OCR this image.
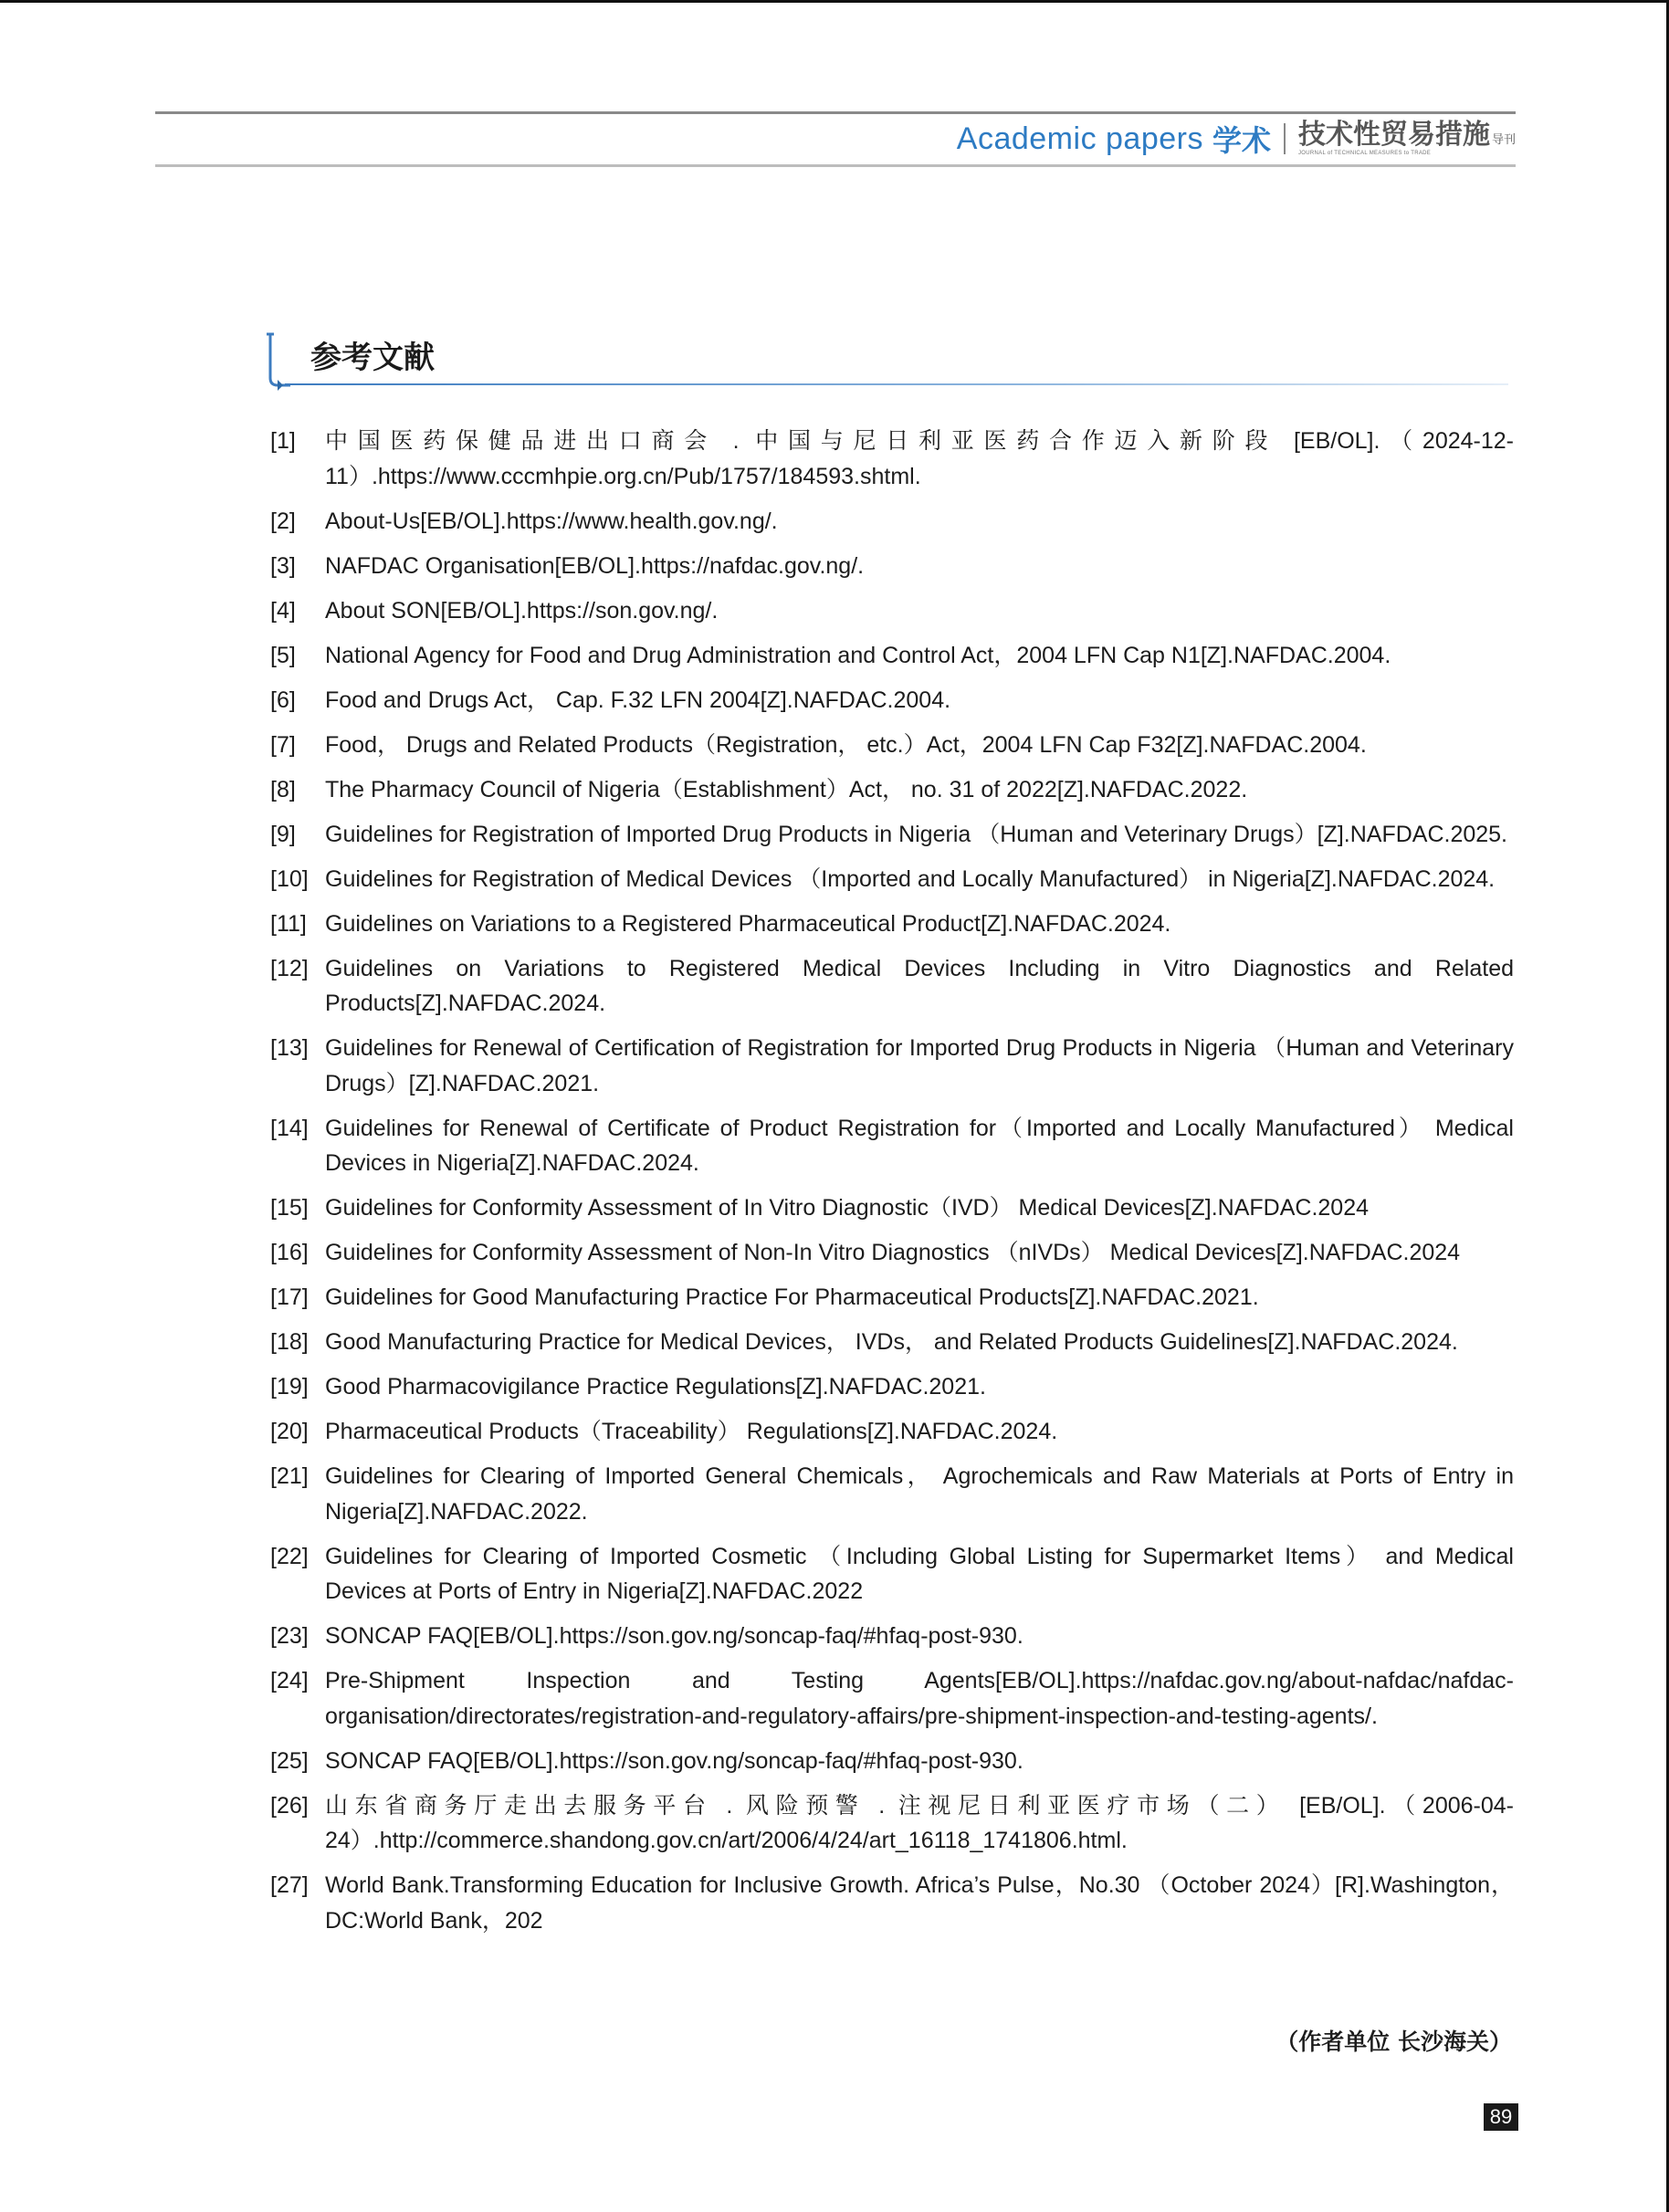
Academic papers 学术 技术性贸易措施 导刊
JOURNAL of TECHNICAL MEASURES to TRADE
参考文献
[1] 中国医药保健品进出口商会 . 中国与尼日利亚医药合作迈入新阶段 [EB/OL].（2024-12-11）.https://www.cccmhpie.org.cn/Pub/1757/184593.shtml.
[2] About-Us[EB/OL].https://www.health.gov.ng/.
[3] NAFDAC Organisation[EB/OL].https://nafdac.gov.ng/.
[4] About SON[EB/OL].https://son.gov.ng/.
[5] National Agency for Food and Drug Administration and Control Act，2004 LFN Cap N1[Z].NAFDAC.2004.
[6] Food and Drugs Act， Cap. F.32 LFN 2004[Z].NAFDAC.2004.
[7] Food， Drugs and Related Products（Registration， etc.）Act，2004 LFN Cap F32[Z].NAFDAC.2004.
[8] The Pharmacy Council of Nigeria（Establishment）Act， no. 31 of 2022[Z].NAFDAC.2022.
[9] Guidelines for Registration of Imported Drug Products in Nigeria （Human and Veterinary Drugs）[Z].NAFDAC.2025.
[10] Guidelines for Registration of Medical Devices （Imported and Locally Manufactured） in Nigeria[Z].NAFDAC.2024.
[11] Guidelines on Variations to a Registered Pharmaceutical Product[Z].NAFDAC.2024.
[12] Guidelines on Variations to Registered Medical Devices Including in Vitro Diagnostics and Related Products[Z].NAFDAC.2024.
[13] Guidelines for Renewal of Certification of Registration for Imported Drug Products in Nigeria （Human and Veterinary Drugs）[Z].NAFDAC.2021.
[14] Guidelines for Renewal of Certificate of Product Registration for（Imported and Locally Manufactured） Medical Devices in Nigeria[Z].NAFDAC.2024.
[15] Guidelines for Conformity Assessment of In Vitro Diagnostic（IVD） Medical Devices[Z].NAFDAC.2024
[16] Guidelines for Conformity Assessment of Non-In Vitro Diagnostics （nIVDs） Medical Devices[Z].NAFDAC.2024
[17] Guidelines for Good Manufacturing Practice For Pharmaceutical Products[Z].NAFDAC.2021.
[18] Good Manufacturing Practice for Medical Devices， IVDs， and Related Products Guidelines[Z].NAFDAC.2024.
[19] Good Pharmacovigilance Practice Regulations[Z].NAFDAC.2021.
[20] Pharmaceutical Products（Traceability） Regulations[Z].NAFDAC.2024.
[21] Guidelines for Clearing of Imported General Chemicals， Agrochemicals and Raw Materials at Ports of Entry in Nigeria[Z].NAFDAC.2022.
[22] Guidelines for Clearing of Imported Cosmetic （Including Global Listing for Supermarket Items） and Medical Devices at Ports of Entry in Nigeria[Z].NAFDAC.2022
[23] SONCAP FAQ[EB/OL].https://son.gov.ng/soncap-faq/#hfaq-post-930.
[24] Pre-Shipment Inspection and Testing Agents[EB/OL].https://nafdac.gov.ng/about-nafdac/nafdac-organisation/directorates/registration-and-regulatory-affairs/pre-shipment-inspection-and-testing-agents/.
[25] SONCAP FAQ[EB/OL].https://son.gov.ng/soncap-faq/#hfaq-post-930.
[26] 山东省商务厅走出去服务平台 . 风险预警 . 注视尼日利亚医疗市场（二） [EB/OL].（2006-04-24）.http://commerce.shandong.gov.cn/art/2006/4/24/art_16118_1741806.html.
[27] World Bank.Transforming Education for Inclusive Growth. Africa’s Pulse，No.30 （October 2024）[R].Washington，DC:World Bank，202
（作者单位 长沙海关）
89
